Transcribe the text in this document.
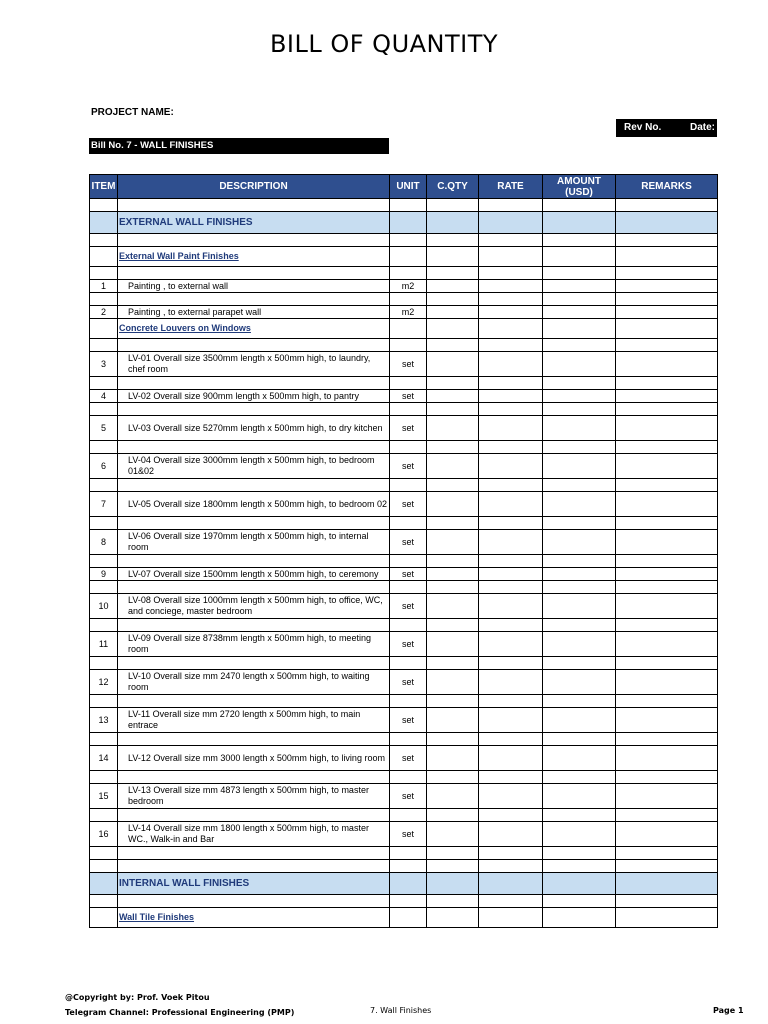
BILL OF QUANTITY
PROJECT NAME:
Rev No.	Date:
Bill No. 7 - WALL FINISHES
ITEM	DESCRIPTION	UNIT	C.QTY	RATE	AMOUNT (USD)	REMARKS

	EXTERNAL WALL FINISHES					

	External Wall Paint Finishes					

1	Painting , to external wall	m2				

2	Painting , to external parapet wall	m2				
	Concrete Louvers on Windows					

3	LV-01 Overall size 3500mm length x 500mm high, to laundry, chef room	set				

4	LV-02 Overall size 900mm length x 500mm high, to pantry	set				

5	LV-03 Overall size 5270mm length x 500mm high, to dry kitchen	set				

6	LV-04 Overall size 3000mm length x 500mm high, to bedroom 01&02	set				

7	LV-05 Overall size 1800mm length x 500mm high, to bedroom 02	set				

8	LV-06 Overall size 1970mm length x 500mm high, to internal room	set				

9	LV-07 Overall size 1500mm length x 500mm high, to ceremony	set				

10	LV-08 Overall size 1000mm length x 500mm high, to office, WC, and conciege, master bedroom	set				

11	LV-09 Overall size 8738mm length x 500mm high, to meeting room	set				

12	LV-10 Overall size mm 2470 length x 500mm high, to waiting room	set				

13	LV-11 Overall size mm 2720 length x 500mm high, to main entrace	set				

14	LV-12 Overall size mm 3000 length x 500mm high, to living room	set				

15	LV-13 Overall size mm 4873 length x 500mm high, to master bedroom	set				

16	LV-14 Overall size mm 1800 length x 500mm high, to master WC., Walk-in and Bar	set				

	INTERNAL WALL FINISHES					

	Wall Tile Finishes					
@Copyright by: Prof. Voek Pitou
Telegram Channel: Professional Engineering (PMP)	7. Wall Finishes	Page 1
